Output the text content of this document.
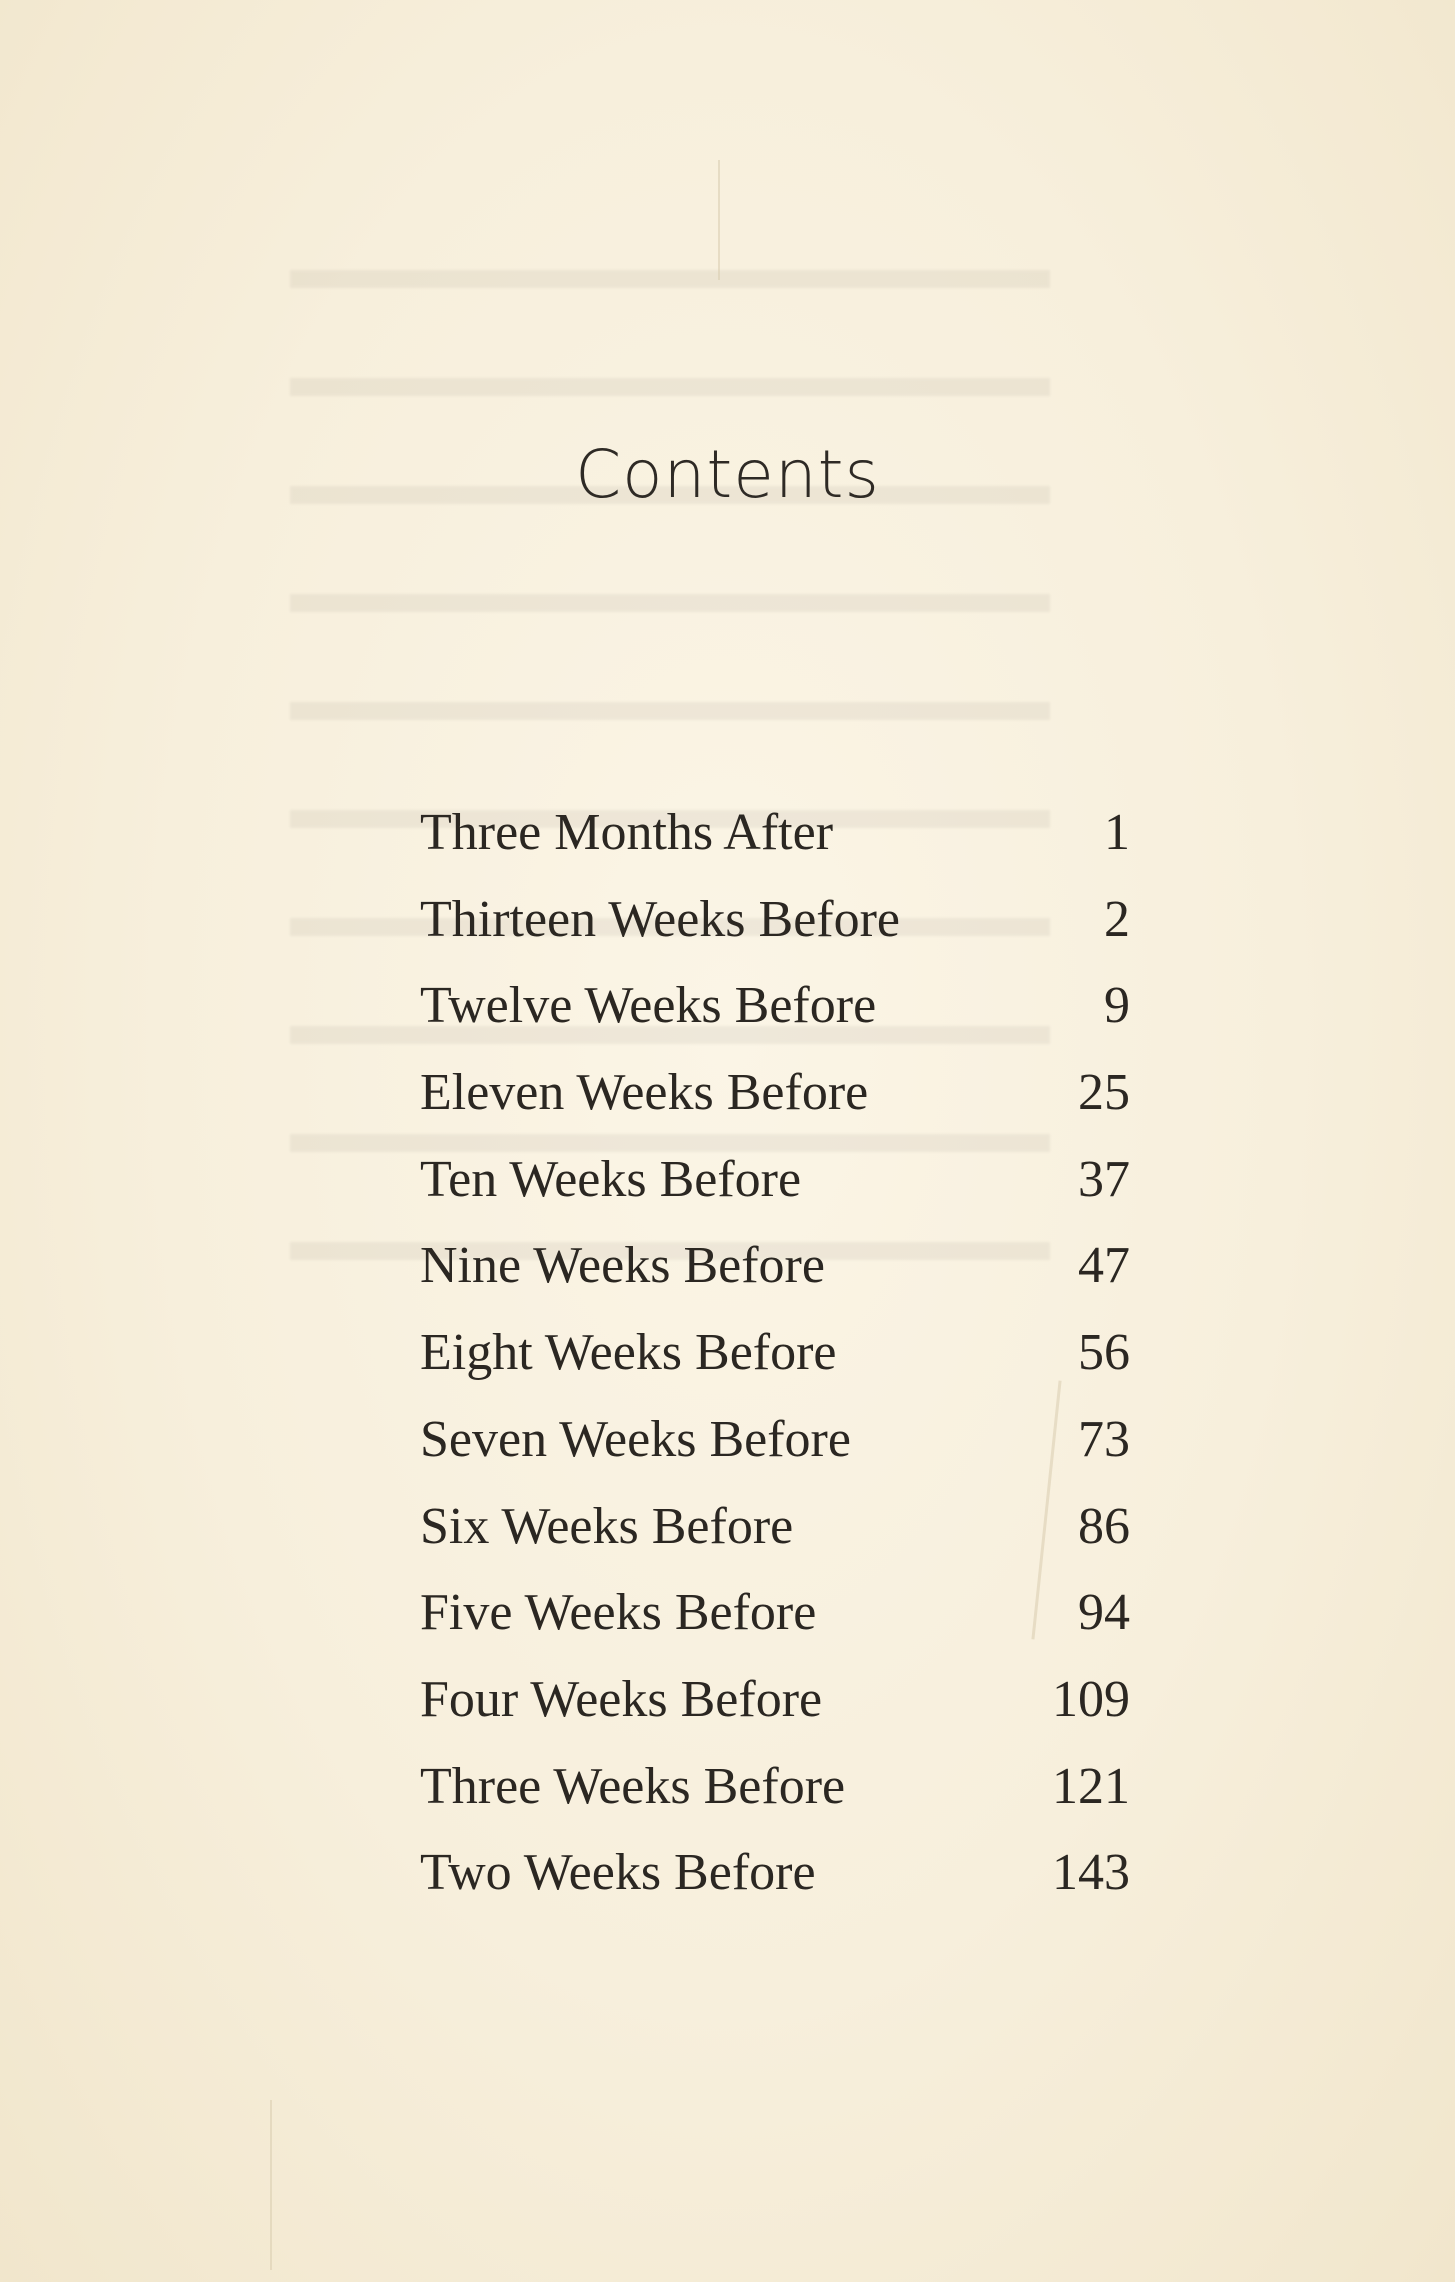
Contents
Three Months After	1
Thirteen Weeks Before	2
Twelve Weeks Before	9
Eleven Weeks Before	25
Ten Weeks Before	37
Nine Weeks Before	47
Eight Weeks Before	56
Seven Weeks Before	73
Six Weeks Before	86
Five Weeks Before	94
Four Weeks Before	109
Three Weeks Before	121
Two Weeks Before	143
